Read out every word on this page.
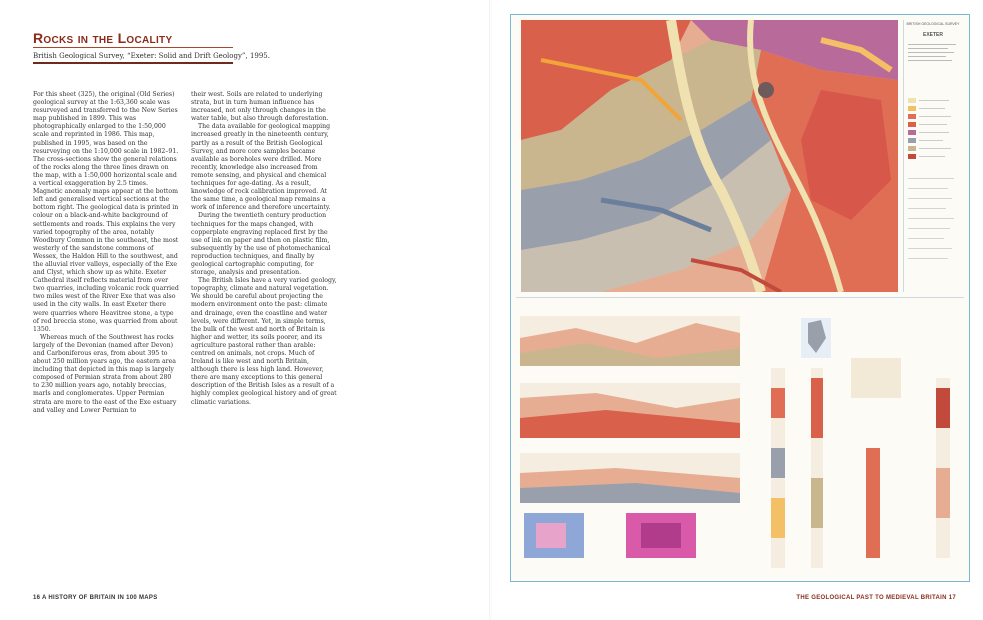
Rocks in the Locality

British Geological Survey, “Exeter: Solid and Drift Geology”, 1995.

For this sheet (325), the original (Old Series) geological survey at the 1:63,360 scale was resurveyed and transferred to the New Series map published in 1899. This was photographically enlarged to the 1:50,000 scale and reprinted in 1986. This map, published in 1995, was based on the resurveying on the 1:10,000 scale in 1982–91. The cross-sections show the general relations of the rocks along the three lines drawn on the map, with a 1:50,000 horizontal scale and a vertical exaggeration by 2.5 times. Magnetic anomaly maps appear at the bottom left and generalised vertical sections at the bottom right. The geological data is printed in colour on a black-and-white background of settlements and roads. This explains the very varied topography of the area, notably Woodbury Common in the southeast, the most westerly of the sandstone commons of Wessex, the Haldon Hill to the southwest, and the alluvial river valleys, especially of the Exe and Clyst, which show up as white. Exeter Cathedral itself reflects material from over two quarries, including volcanic rock quarried two miles west of the River Exe that was also used in the city walls. In east Exeter there were quarries where Heavitree stone, a type of red breccia stone, was quarried from about 1350.

Whereas much of the Southwest has rocks largely of the Devonian (named after Devon) and Carboniferous eras, from about 395 to about 250 million years ago, the eastern area including that depicted in this map is largely composed of Permian strata from about 280 to 230 million years ago, notably breccias, marls and conglomerates. Upper Permian strata are more to the east of the Exe estuary and valley and Lower Permian to

their west. Soils are related to underlying strata, but in turn human influence has increased, not only through changes in the water table, but also through deforestation.

The data available for geological mapping increased greatly in the nineteenth century, partly as a result of the British Geological Survey, and more core samples became available as boreholes were drilled. More recently, knowledge also increased from remote sensing, and physical and chemical techniques for age-dating. As a result, knowledge of rock calibration improved. At the same time, a geological map remains a work of inference and therefore uncertainty.

During the twentieth century production techniques for the maps changed, with copperplate engraving replaced first by the use of ink on paper and then on plastic film, subsequently by the use of photomechanical reproduction techniques, and finally by geological cartographic computing, for storage, analysis and presentation.

The British Isles have a very varied geology, topography, climate and natural vegetation. We should be careful about projecting the modern environment onto the past: climate and drainage, even the coastline and water levels, were different. Yet, in simple terms, the bulk of the west and north of Britain is higher and wetter, its soils poorer, and its agriculture pastoral rather than arable: centred on animals, not crops. Much of Ireland is like west and north Britain, although there is less high land. However, there are many exceptions to this general description of the British Isles as a result of a highly complex geological history and of great climatic variations.

16 A HISTORY OF BRITAIN IN 100 MAPS
BRITISH GEOLOGICAL SURVEY
EXETER
THE GEOLOGICAL PAST TO MEDIEVAL BRITAIN 17
